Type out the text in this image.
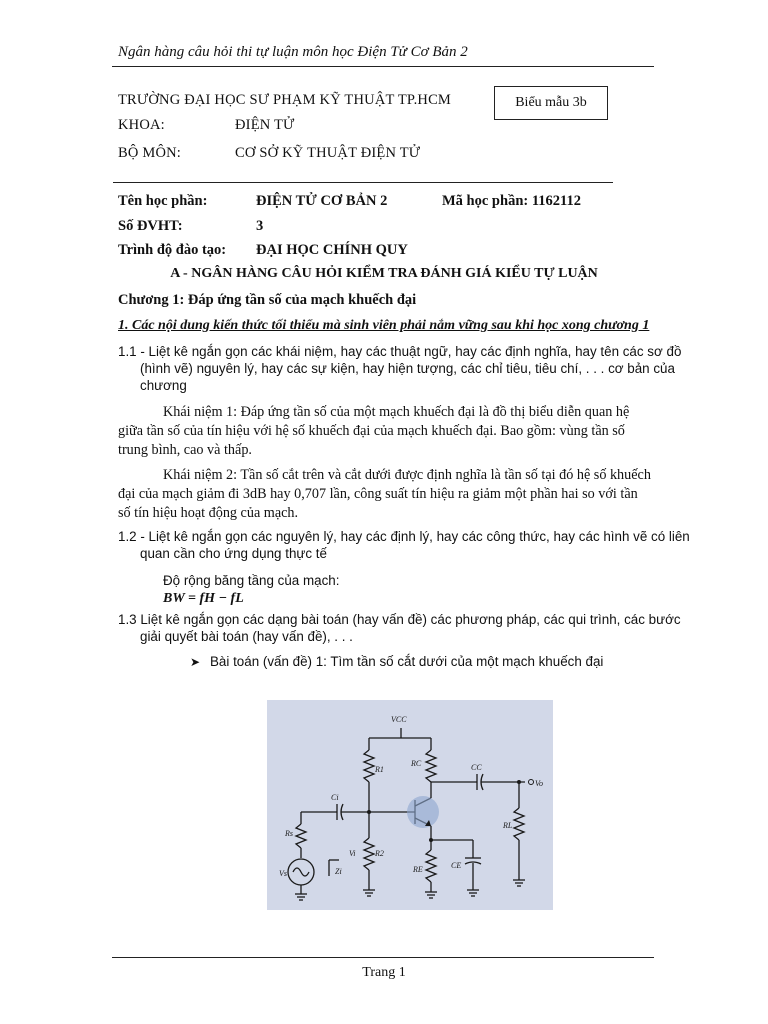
Ngân hàng câu hỏi thi tự luận môn học Điện Tử Cơ Bản 2
TRƯỜNG ĐẠI HỌC SƯ PHẠM KỸ THUẬT TP.HCM
KHOA:	ĐIỆN TỬ
BỘ MÔN:	CƠ SỞ KỸ THUẬT ĐIỆN TỬ
Biểu mẫu 3b
Tên học phần:	ĐIỆN TỬ CƠ BẢN 2	Mã học phần: 1162112
Số ĐVHT:	3
Trình độ đào tạo: ĐẠI HỌC CHÍNH QUY
A - NGÂN HÀNG CÂU HỎI KIỂM TRA ĐÁNH GIÁ KIỂU TỰ LUẬN
Chương 1: Đáp ứng tần số của mạch khuếch đại
1. Các nội dung kiến thức tối thiểu mà sinh viên phải nắm vững sau khi học xong chương 1
1.1 - Liệt kê ngắn gọn các khái niệm, hay các thuật ngữ, hay các định nghĩa, hay tên các sơ đồ
(hình vẽ) nguyên lý, hay các sự kiện, hay hiện tượng, các chỉ tiêu, tiêu chí, . . . cơ bản của
chương
Khái niệm 1: Đáp ứng tần số của một mạch khuếch đại là đồ thị biểu diễn quan hệ
giữa tần số của tín hiệu với hệ số khuếch đại của mạch khuếch đại. Bao gồm: vùng tần số
trung bình, cao và thấp.
Khái niệm 2: Tần số cắt trên và cắt dưới được định nghĩa là tần số tại đó hệ số khuếch
đại của mạch giảm đi 3dB hay 0,707 lần, công suất tín hiệu ra giảm một phần hai so với tần
số tín hiệu hoạt động của mạch.
1.2 - Liệt kê ngắn gọn các nguyên lý, hay các định lý, hay các công thức, hay các hình vẽ có liên
quan cần cho ứng dụng thực tế
Độ rộng băng tầng của mạch:
BW = fH − fL
1.3 Liệt kê ngắn gọn các dạng bài toán (hay vấn đề) các phương pháp, các qui trình, các bước
giải quyết bài toán (hay vấn đề), . . .
➤ Bài toán (vấn đề) 1: Tìm tần số cắt dưới của một mạch khuếch đại
VCC
R1
RC	CC
Vo
Ci
Rs
Vs
R2
Vi
Zi	RE	CE
RL
Trang 1
